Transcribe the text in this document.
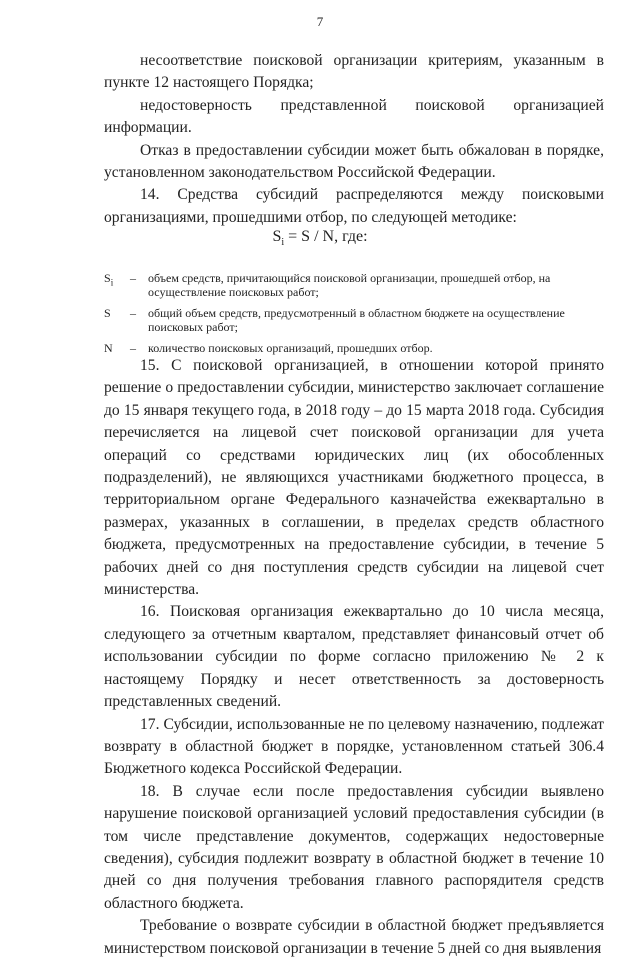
7

несоответствие поисковой организации критериям, указанным в пункте 12 настоящего Порядка;

недостоверность представленной поисковой организацией информации.

Отказ в предоставлении субсидии может быть обжалован в порядке, установленном законодательством Российской Федерации.

14. Средства субсидий распределяются между поисковыми организациями, прошедшими отбор, по следующей методике:

$S_i = S / N$, где:
$S_i$	– объем средств, причитающийся поисковой организации, прошедшей отбор, на осуществление поисковых работ;
S	– общий объем средств, предусмотренный в областном бюджете на осуществление поисковых работ;
N	– количество поисковых организаций, прошедших отбор.

15. С поисковой организацией, в отношении которой принято решение о предоставлении субсидии, министерство заключает соглашение до 15 января текущего года, в 2018 году – до 15 марта 2018 года. Субсидия перечисляется на лицевой счет поисковой организации для учета операций со средствами юридических лиц (их обособленных подразделений), не являющихся участниками бюджетного процесса, в территориальном органе Федерального казначейства ежеквартально в размерах, указанных в соглашении, в пределах средств областного бюджета, предусмотренных на предоставление субсидии, в течение 5 рабочих дней со дня поступления средств субсидии на лицевой счет министерства.

16. Поисковая организация ежеквартально до 10 числа месяца, следующего за отчетным кварталом, представляет финансовый отчет об использовании субсидии по форме согласно приложению № 2 к настоящему Порядку и несет ответственность за достоверность представленных сведений.

17. Субсидии, использованные не по целевому назначению, подлежат возврату в областной бюджет в порядке, установленном статьей 306.4 Бюджетного кодекса Российской Федерации.

18. В случае если после предоставления субсидии выявлено нарушение поисковой организацией условий предоставления субсидии (в том числе представление документов, содержащих недостоверные сведения), субсидия подлежит возврату в областной бюджет в течение 10 дней со дня получения требования главного распорядителя средств областного бюджета.

Требование о возврате субсидии в областной бюджет предъявляется министерством поисковой организации в течение 5 дней со дня выявления
